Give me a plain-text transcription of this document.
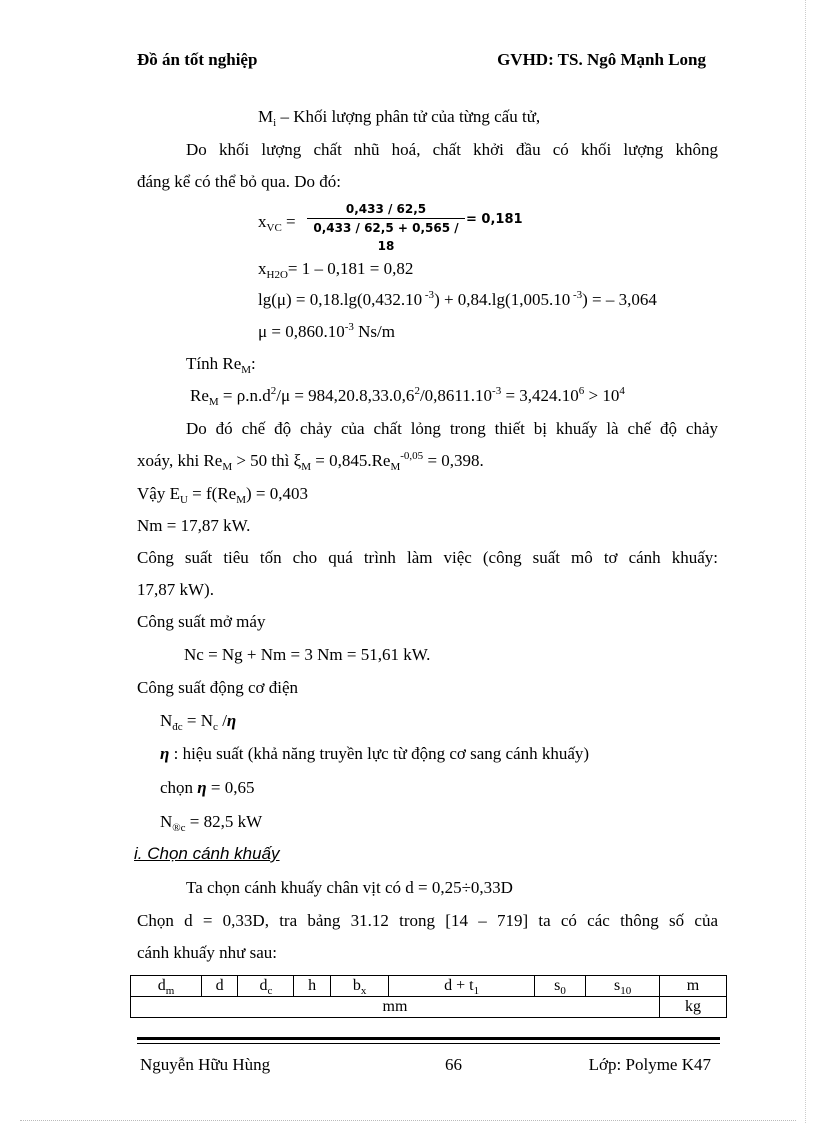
Đồ án tốt nghiệp	GVHD: TS. Ngô Mạnh Long
$M_i$ – Khối lượng phân tử của từng cấu tử,
Do khối lượng chất nhũ hoá, chất khởi đầu có khối lượng không
đáng kể có thể bỏ qua. Do đó:
$x_{VC}$ =
0,433 / 62,5
0,433 / 62,5 + 0,565 / 18
= 0,181
$x_{H2O}= 1 - 0,181 = 0,82$
lg(μ) = 0,18.lg(0,432.10 $^{-3}$) + 0,84.lg(1,005.10 $^{-3}$) = – 3,064
$\mu = 0,860.10^{-3}$ Ns/m
Tính $Re_M$:
$Re_M = \rho.n.d^2/\mu = 984,20.8,33.0,6^2/0,8611.10^{-3} = 3,424.10^6 > 10^4$
Do đó chế độ chảy của chất lỏng trong thiết bị khuấy là chế độ chảy
xoáy, khi $Re_M > 50$ thì $\xi_M = 0,845.Re_M^{-0,05} = 0,398$.
Vậy $E_U = f(Re_M) = 0,403$
Nm = 17,87 kW.
Công suất tiêu tốn cho quá trình làm việc (công suất mô tơ cánh khuấy:
17,87 kW).
Công suất mở máy
Nc = Ng + Nm = 3 Nm = 51,61 kW.
Công suất động cơ điện
$N_{đc} = N_c$ /η
η : hiệu suất (khả năng truyền lực từ động cơ sang cánh khuấy)
chọn η = 0,65
$N_{®c} = 82,5$ kW
i. Chọn cánh khuấy
Ta chọn cánh khuấy chân vịt có d = 0,25÷0,33D
Chọn d = 0,33D, tra bảng 31.12 trong [14 – 719] ta có các thông số của
cánh khuấy như sau:
$d_m$	d	$d_c$	h	$b_x$	$d + t_1$	$s_0$	$s_{10}$	m
mm								kg
Nguyễn Hữu Hùng	66	Lớp: Polyme K47
